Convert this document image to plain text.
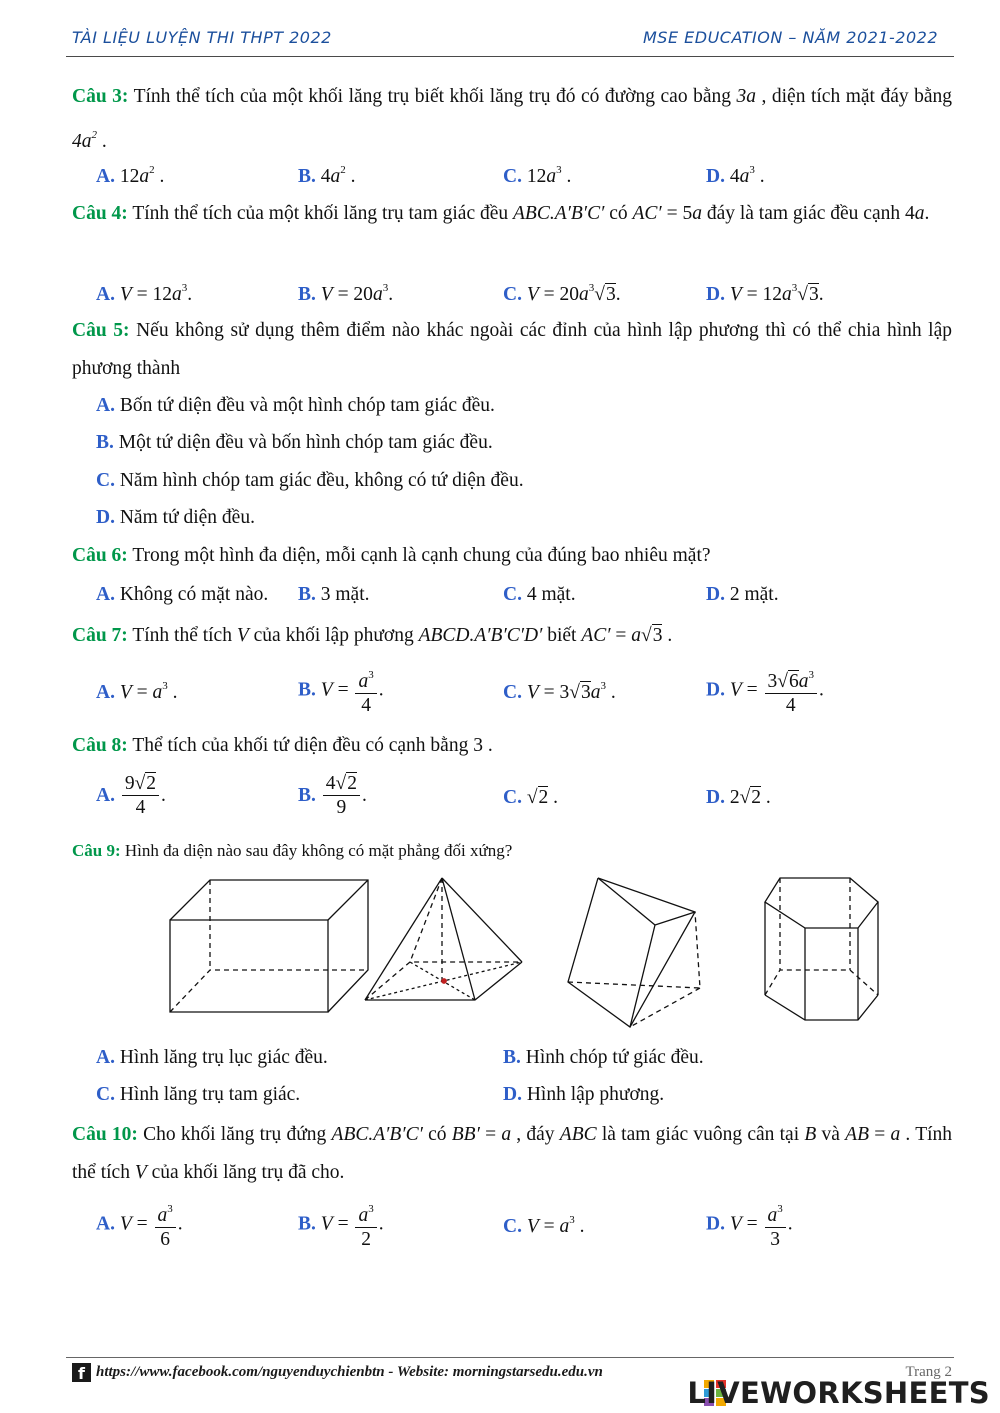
TÀI LIỆU LUYỆN THI THPT 2022	MSE EDUCATION – NĂM 2021-2022
Câu 3: Tính thể tích của một khối lăng trụ biết khối lăng trụ đó có đường cao bằng 3a , diện tích mặt đáy bằng $4a^2$ .
A. $12a^2$ .	B. $4a^2$ .	C. $12a^3$ .	D. $4a^3$ .
Câu 4: Tính thể tích của một khối lăng trụ tam giác đều ABC.A′B′C′ có AC′ = 5a đáy là tam giác đều cạnh 4a.
A. $V = 12a^3$.	B. $V = 20a^3$.	C. $V = 20a^3√3$.	D. $V = 12a^3√3$.
Câu 5: Nếu không sử dụng thêm điểm nào khác ngoài các đỉnh của hình lập phương thì có thể chia hình lập phương thành
A. Bốn tứ diện đều và một hình chóp tam giác đều.
B. Một tứ diện đều và bốn hình chóp tam giác đều.
C. Năm hình chóp tam giác đều, không có tứ diện đều.
D. Năm tứ diện đều.
Câu 6: Trong một hình đa diện, mỗi cạnh là cạnh chung của đúng bao nhiêu mặt?
A. Không có mặt nào. B. 3 mặt.	C. 4 mặt.	D. 2 mặt.
Câu 7: Tính thể tích V của khối lập phương ABCD.A′B′C′D′ biết AC′ = a√3 .
A. $V = a^3$ .	B. $V = \frac{a^3}{4}$ .	C. $V = 3√3a^3$ .	D. $V = \frac{3√6a^3}{4}$ .
Câu 8: Thể tích của khối tứ diện đều có cạnh bằng 3 .
A. $\frac{9√2}{4}$ .	B. $\frac{4√2}{9}$ .	C. √2 .	D. 2√2 .
Câu 9: Hình đa diện nào sau đây không có mặt phẳng đối xứng?
A. Hình lăng trụ lục giác đều.	B. Hình chóp tứ giác đều.
C. Hình lăng trụ tam giác.	D. Hình lập phương.
Câu 10: Cho khối lăng trụ đứng ABC.A′B′C′ có BB′ = a , đáy ABC là tam giác vuông cân tại B và AB = a . Tính thể tích V của khối lăng trụ đã cho.
A. $V = \frac{a^3}{6}$ .	B. $V = \frac{a^3}{2}$ .	C. $V = a^3$ .	D. $V = \frac{a^3}{3}$ .
f https://www.facebook.com/nguyenduychienbtn - Website: morningstarsedu.edu.vn	Trang 2
LIVEWORKSHEETS
